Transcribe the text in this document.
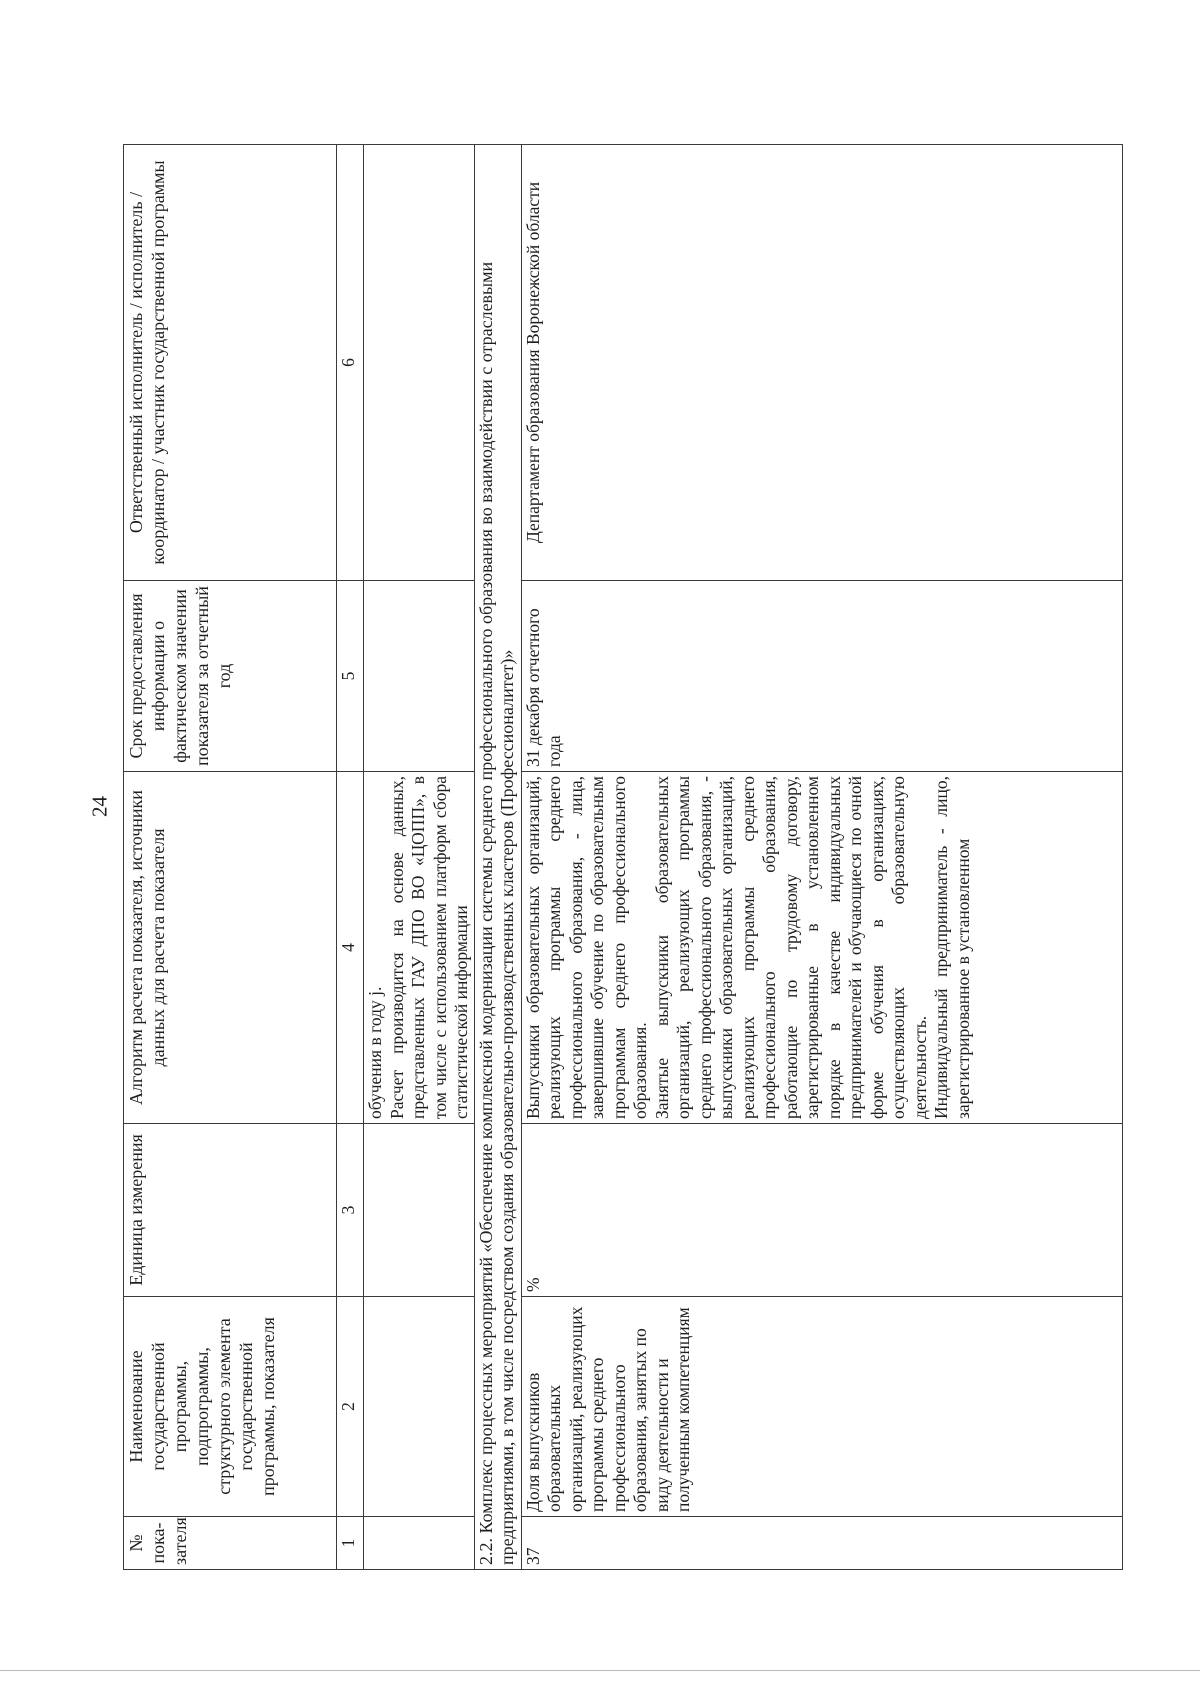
24
№ пока-зателя	Наименование государственной программы, подпрограммы, структурного элемента государственной программы, показателя	Единица измерения	Алгоритм расчета показателя, источники данных для расчета показателя	Срок предоставления информации о фактическом значении показателя за отчетный год	Ответственный исполнитель / исполнитель / координатор / участник государственной программы
1	2	3	4	5	6

			обучения в году j. Расчет производится на основе данных, представленных ГАУ ДПО ВО «ЦОПП», в том числе с использованием платформ сбора статистической информации		

2.2. Комплекс процессных мероприятий «Обеспечение комплексной модернизации системы среднего профессионального образования во взаимодействии с отраслевыми предприятиями, в том числе посредством создания образовательно-производственных кластеров (Профессионалитет)»					
37	Доля выпускников образовательных организаций, реализующих программы среднего профессионального образования, занятых по виду деятельности и полученным компетенциям	%	Выпускники образовательных организаций, реализующих программы среднего профессионального образования, - лица, завершившие обучение по образовательным программам среднего профессионального образования. Занятые выпускники образовательных организаций, реализующих программы среднего профессионального образования, - выпускники образовательных организаций, реализующих программы среднего профессионального образования, работающие по трудовому договору, зарегистрированные в установленном порядке в качестве индивидуальных предпринимателей и обучающиеся по очной форме обучения в организациях, осуществляющих образовательную деятельность. Индивидуальный предприниматель - лицо, зарегистрированное в установленном	31 декабря отчетного года	Департамент образования Воронежской области
